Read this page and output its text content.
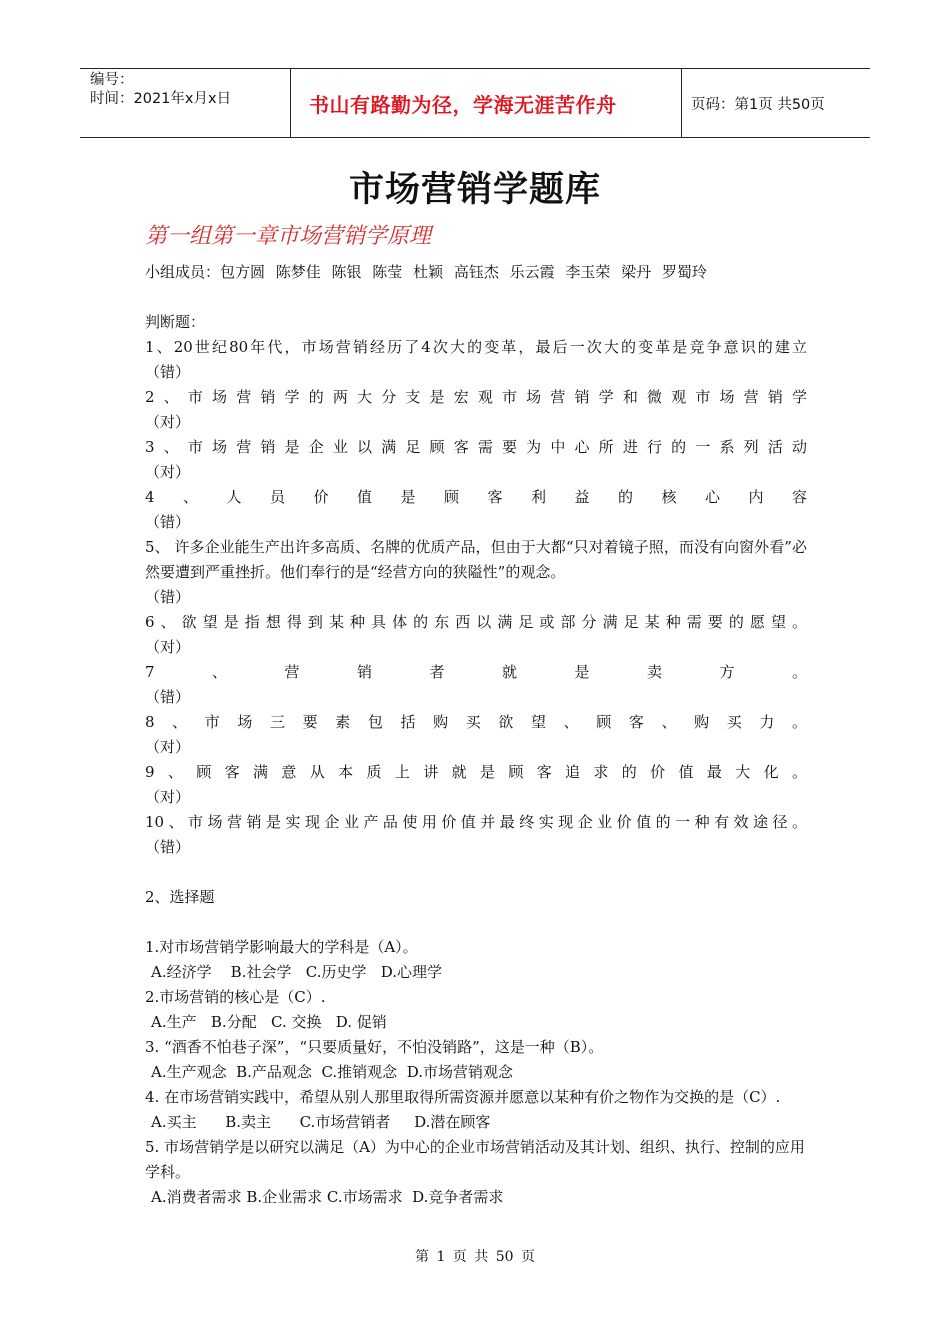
编号：
时间：2021年x月x日	书山有路勤为径，学海无涯苦作舟	页码：第1页 共50页
市场营销学题库
第一组第一章市场营销学原理
小组成员：包方圆 陈梦佳 陈银 陈莹 杜颖 高钰杰 乐云霞 李玉荣 梁丹 罗蜀玲

判断题：

1、20世纪80年代，市场营销经历了4次大的变革，最后一次大的变革是竞争意识的建立

（错）

2、市场营销学的两大分支是宏观市场营销学和微观市场营销学

（对）

3、市场营销是企业以满足顾客需要为中心所进行的一系列活动

（对）

4、人员价值是顾客利益的核心内容

（错）

5、 许多企业能生产出许多高质、名牌的优质产品，但由于大都“只对着镜子照，而没有向窗外看”必然要遭到严重挫折。他们奉行的是“经营方向的狭隘性”的观念。

（错）

6、欲望是指想得到某种具体的东西以满足或部分满足某种需要的愿望。

（对）

7、营销者就是卖方。

（错）

8、市场三要素包括购买欲望、顾客、购买力。

（对）

9、顾客满意从本质上讲就是顾客追求的价值最大化。

（对）

10、市场营销是实现企业产品使用价值并最终实现企业价值的一种有效途径。

（错）

2、选择题

1.对市场营销学影响最大的学科是（A）。

A.经济学    B.社会学   C.历史学   D.心理学

2.市场营销的核心是（C）.

A.生产   B.分配   C. 交换   D. 促销

3. “酒香不怕巷子深”，“只要质量好，不怕没销路”，这是一种（B）。

A.生产观念  B.产品观念  C.推销观念  D.市场营销观念

4. 在市场营销实践中，希望从别人那里取得所需资源并愿意以某种有价之物作为交换的是（C）.

A.买主      B.卖主      C.市场营销者     D.潜在顾客

5. 市场营销学是以研究以满足（A）为中心的企业市场营销活动及其计划、组织、执行、控制的应用学科。

A.消费者需求 B.企业需求 C.市场需求  D.竞争者需求

第 1 页 共 50 页
